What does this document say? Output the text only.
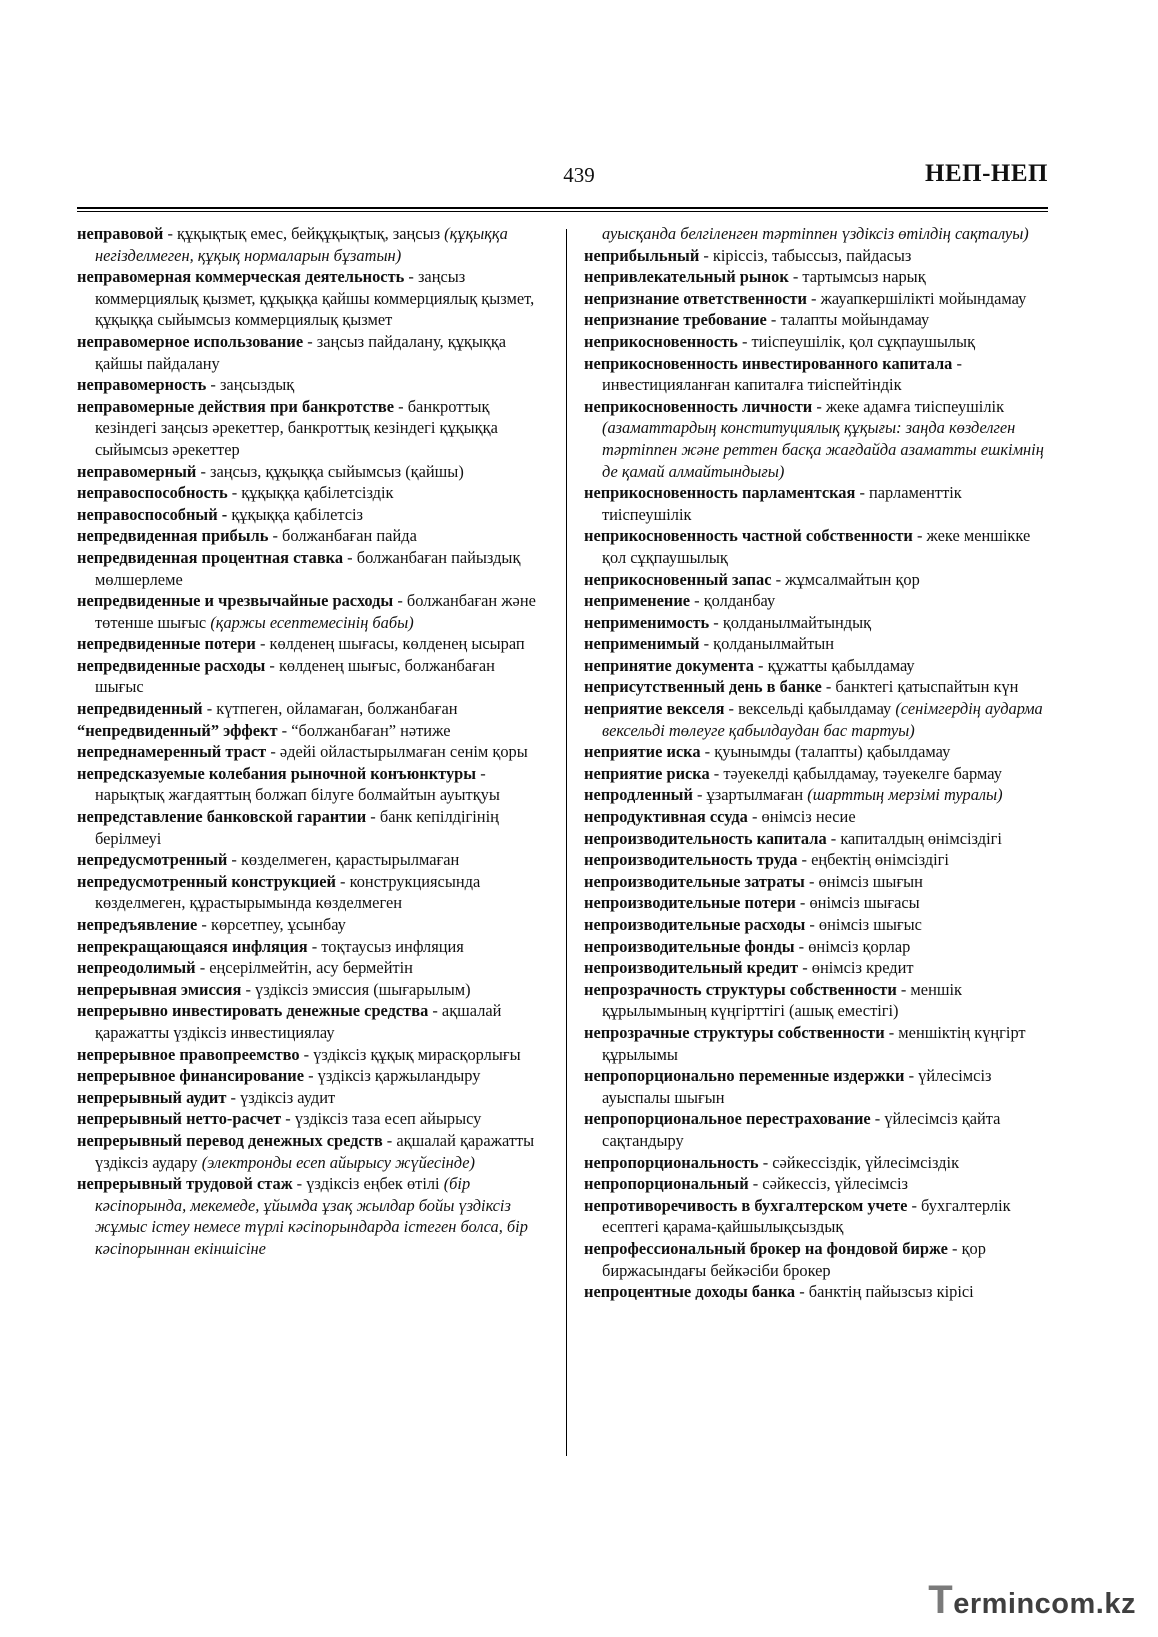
439	НЕП-НЕП
неправовой - құқықтық емес, бейқұқықтық, заңсыз (құқыққа негізделмеген, құқық нормаларын бұзатын)
неправомерная коммерческая деятельность - заңсыз коммерциялық қызмет, құқыққа қайшы коммерциялық қызмет, құқыққа сыйымсыз коммерциялық қызмет
неправомерное использование - заңсыз пайдалану, құқыққа қайшы пайдалану
неправомерность - заңсыздық
неправомерные действия при банкротстве - банкроттық кезіндегі заңсыз әрекеттер, банкроттық кезіндегі құқыққа сыйымсыз әрекеттер
неправомерный - заңсыз, құқыққа сыйымсыз (қайшы)
неправоспособность - құқыққа қабілетсіздік
неправоспособный - құқыққа қабілетсіз
непредвиденная прибыль - болжанбаған пайда
непредвиденная процентная ставка - болжанбаған пайыздық мөлшерлеме
непредвиденные и чрезвычайные расходы - болжанбаған және төтенше шығыс (қаржы есептемесінің бабы)
непредвиденные потери - көлденең шығасы, көлденең ысырап
непредвиденные расходы - көлденең шығыс, болжанбаған шығыс
непредвиденный - күтпеген, ойламаған, болжанбаған
“непредвиденный” эффект - “болжанбаған” нәтиже
непреднамеренный траст - әдейі ойластырылмаған сенім қоры
непредсказуемые колебания рыночной конъюнктуры - нарықтық жағдаяттың болжап білуге болмайтын ауытқуы
непредставление банковской гарантии - банк кепілдігінің берілмеуі
непредусмотренный - көзделмеген, қарастырылмаған
непредусмотренный конструкцией - конструкциясында көзделмеген, құрастырымында көзделмеген
непредъявление - көрсетпеу, ұсынбау
непрекращающаяся инфляция - тоқтаусыз инфляция
непреодолимый - еңсерілмейтін, асу бермейтін
непрерывная эмиссия - үздіксіз эмиссия (шығарылым)
непрерывно инвестировать денежные средства - ақшалай қаражатты үздіксіз инвестициялау
непрерывное правопреемство - үздіксіз құқық мирасқорлығы
непрерывное финансирование - үздіксіз қаржыландыру
непрерывный аудит - үздіксіз аудит
непрерывный нетто-расчет - үздіксіз таза есеп айырысу
непрерывный перевод денежных средств - ақшалай қаражатты үздіксіз аудару (электронды есеп айырысу жүйесінде)
непрерывный трудовой стаж - үздіксіз еңбек өтілі (бір кәсіпорында, мекемеде, ұйымда ұзақ жылдар бойы үздіксіз жұмыс істеу немесе түрлі кәсіпорындарда істеген болса, бір кәсіпорыннан екіншісіне
ауысқанда белгіленген тәртіппен үздіксіз өтілдің сақталуы)
неприбыльный - кіріссіз, табыссыз, пайдасыз
непривлекательный рынок - тартымсыз нарық
непризнание ответственности - жауапкершілікті мойындамау
непризнание требование - талапты мойындамау
неприкосновенность - тиіспеушілік, қол сұқпаушылық
неприкосновенность инвестированного капитала - инвестицияланған капиталға тиіспейтіндік
неприкосновенность личности - жеке адамға тиіспеушілік (азаматтардың конституциялық құқығы: заңда көзделген тәртіппен және реттен басқа жағдайда азаматты ешкімнің де қамай алмайтындығы)
неприкосновенность парламентская - парламенттік тиіспеушілік
неприкосновенность частной собственности - жеке меншікке қол сұқпаушылық
неприкосновенный запас - жұмсалмайтын қор
неприменение - қолданбау
неприменимость - қолданылмайтындық
неприменимый - қолданылмайтын
непринятие документа - құжатты қабылдамау
неприсутственный день в банке - банктегі қатыспайтын күн
неприятие векселя - вексельді қабылдамау (сенімгердің аударма вексельді төлеуге қабылдаудан бас тартуы)
неприятие иска - қуынымды (талапты) қабылдамау
неприятие риска - тәуекелді қабылдамау, тәуекелге бармау
непродленный - ұзартылмаған (шарттың мерзімі туралы)
непродуктивная ссуда - өнімсіз несие
непроизводительность капитала - капиталдың өнімсіздігі
непроизводительность труда - еңбектің өнімсіздігі
непроизводительные затраты - өнімсіз шығын
непроизводительные потери - өнімсіз шығасы
непроизводительные расходы - өнімсіз шығыс
непроизводительные фонды - өнімсіз қорлар
непроизводительный кредит - өнімсіз кредит
непрозрачность структуры собственности - меншік құрылымының күңгірттігі (ашық еместігі)
непрозрачные структуры собственности - меншіктің күңгірт құрылымы
непропорционально переменные издержки - үйлесімсіз ауыспалы шығын
непропорциональное перестрахование - үйлесімсіз қайта сақтандыру
непропорциональность - сәйкессіздік, үйлесімсіздік
непропорциональный - сәйкессіз, үйлесімсіз
непротиворечивость в бухгалтерском учете - бухгалтерлік есептегі қарама-қайшылықсыздық
непрофессиональный брокер на фондовой бирже - қор биржасындағы бейкәсіби брокер
непроцентные доходы банка - банктің пайызсыз кірісі
Termincom.kz
